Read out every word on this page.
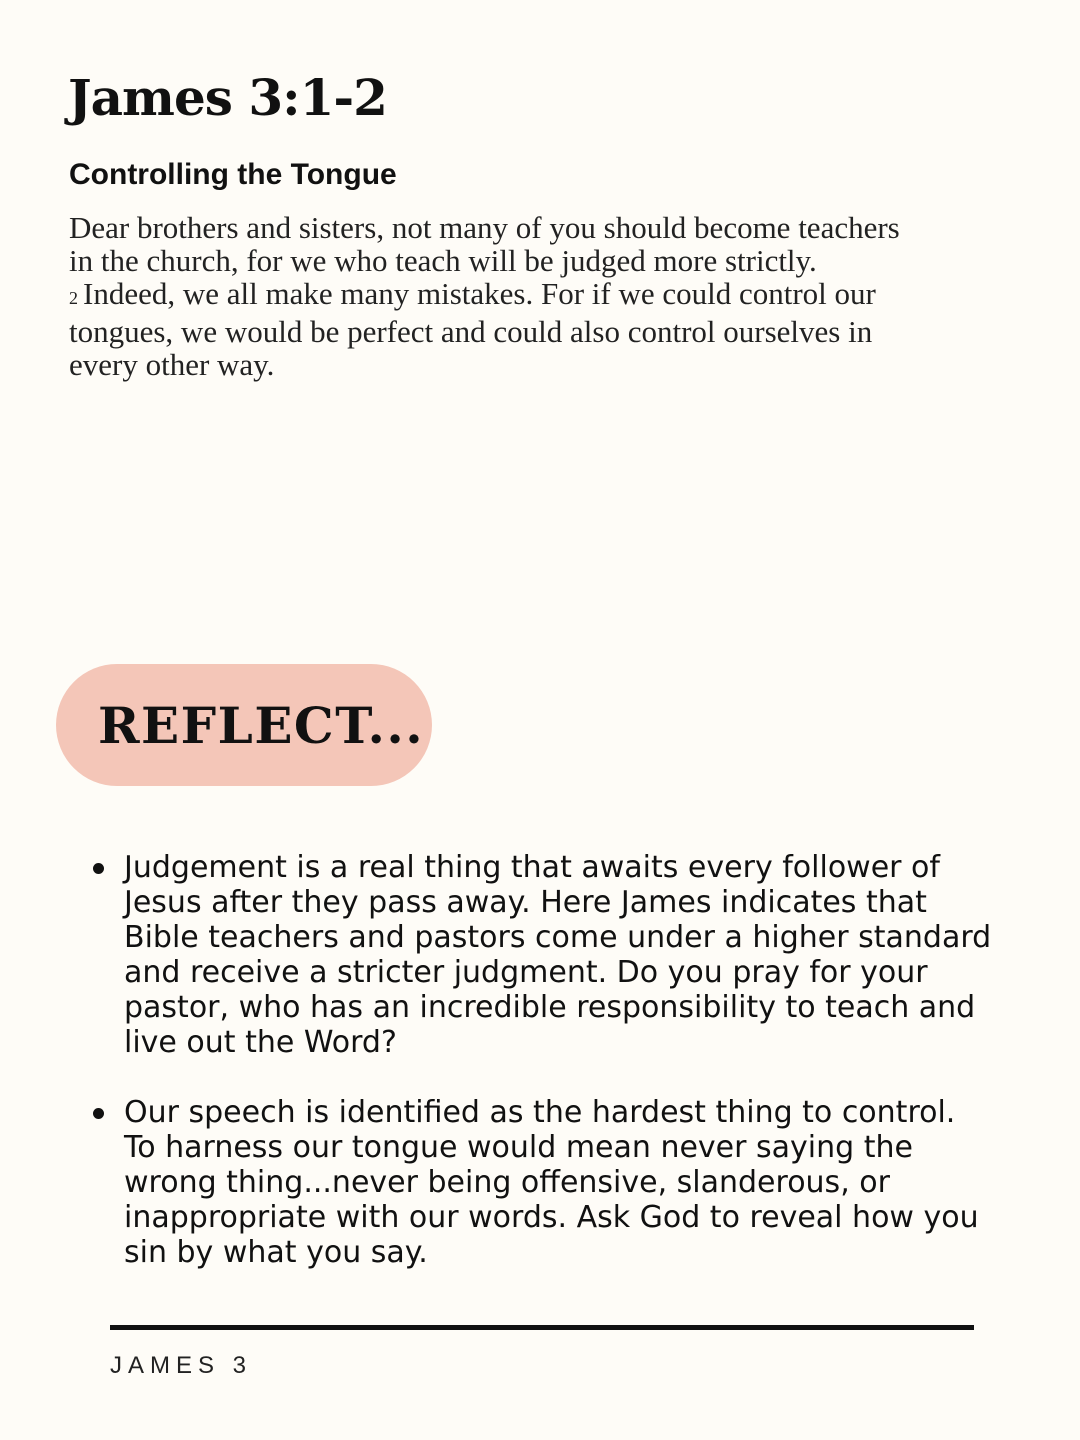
James 3:1-2
Controlling the Tongue
Dear brothers and sisters, not many of you should become teachers
in the church, for we who teach will be judged more strictly.
2 Indeed, we all make many mistakes. For if we could control our
tongues, we would be perfect and could also control ourselves in
every other way.
REFLECT...
Judgement is a real thing that awaits every follower of
Jesus after they pass away. Here James indicates that
Bible teachers and pastors come under a higher standard
and receive a stricter judgment. Do you pray for your
pastor, who has an incredible responsibility to teach and
live out the Word?
Our speech is identified as the hardest thing to control.
To harness our tongue would mean never saying the
wrong thing...never being offensive, slanderous, or
inappropriate with our words. Ask God to reveal how you
sin by what you say.

JAMES 3
